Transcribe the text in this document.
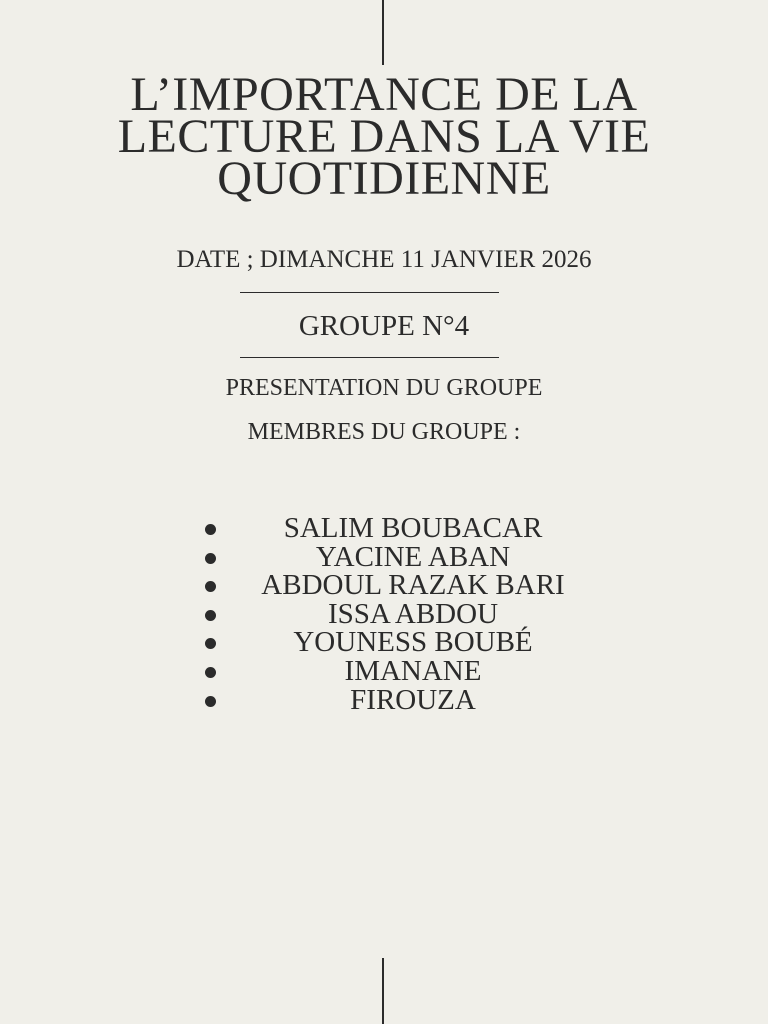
L’IMPORTANCE DE LA
LECTURE DANS LA VIE
QUOTIDIENNE
DATE ; DIMANCHE 11 JANVIER 2026
GROUPE N°4
PRESENTATION DU GROUPE
MEMBRES DU GROUPE :
SALIM BOUBACAR
YACINE ABAN
ABDOUL RAZAK BARI
ISSA ABDOU
YOUNESS BOUBÉ
IMANANE
FIROUZA
